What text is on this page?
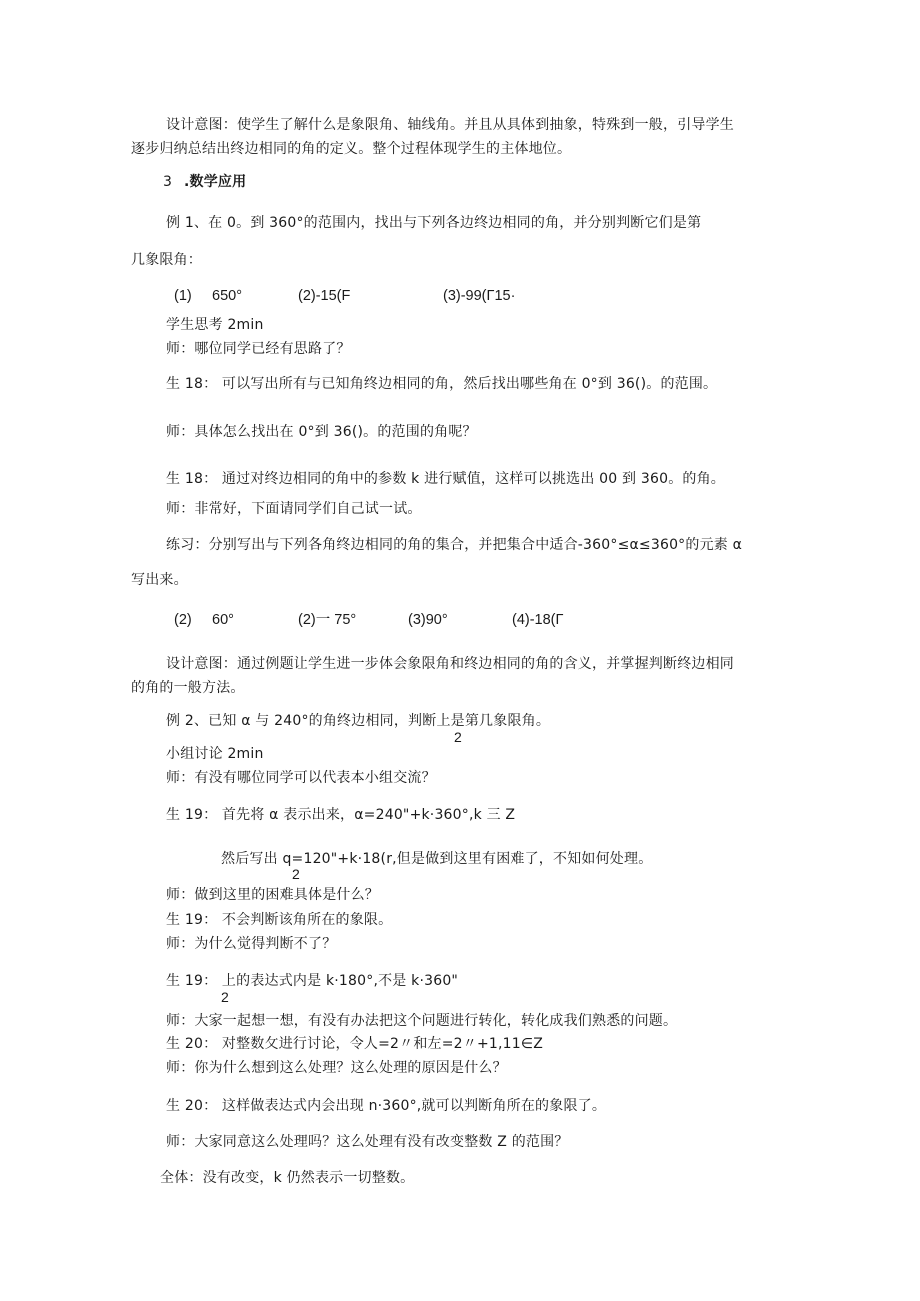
设计意图：使学生了解什么是象限角、轴线角。并且从具体到抽象，特殊到一般，引导学生
逐步归纳总结出终边相同的角的定义。整个过程体现学生的主体地位。
3 .数学应用
例 1、在 0。到 360°的范围内，找出与下列各边终边相同的角，并分别判断它们是第
几象限角：
(1) 650°	(2)-15(F	(3)-99(Γ15·
学生思考 2min
师：哪位同学已经有思路了？
生 18： 可以写出所有与已知角终边相同的角，然后找出哪些角在 0°到 36()。的范围。
师：具体怎么找出在 0°到 36()。的范围的角呢？
生 18： 通过对终边相同的角中的参数 k 进行赋值，这样可以挑选出 00 到 360。的角。
师：非常好，下面请同学们自己试一试。
练习：分别写出与下列各角终边相同的角的集合，并把集合中适合-360°≤α≤360°的元素 α
写出来。
(2) 60°	(2)一 75°	(3)90°	(4)-18(Γ
设计意图：通过例题让学生进一步体会象限角和终边相同的角的含义，并掌握判断终边相同
的角的一般方法。
例 2、已知 α 与 240°的角终边相同，判断上是第几象限角。
2
小组讨论 2min
师：有没有哪位同学可以代表本小组交流？
生 19： 首先将 α 表示出来，α=240"+k·360°,k 三 Z
然后写出 q=120"+k·18(r,但是做到这里有困难了，不知如何处理。
2
师：做到这里的困难具体是什么？
生 19： 不会判断该角所在的象限。
师：为什么觉得判断不了？
生 19： 上的表达式内是 k·180°,不是 k·360"
2
师：大家一起想一想，有没有办法把这个问题进行转化，转化成我们熟悉的问题。
生 20： 对整数攵进行讨论，令人=2〃和左=2〃+1,11∈Z
师：你为什么想到这么处理？这么处理的原因是什么？
生 20： 这样做表达式内会出现 n·360°,就可以判断角所在的象限了。
师：大家同意这么处理吗？这么处理有没有改变整数 Z 的范围？
全体：没有改变，k 仍然表示一切整数。
